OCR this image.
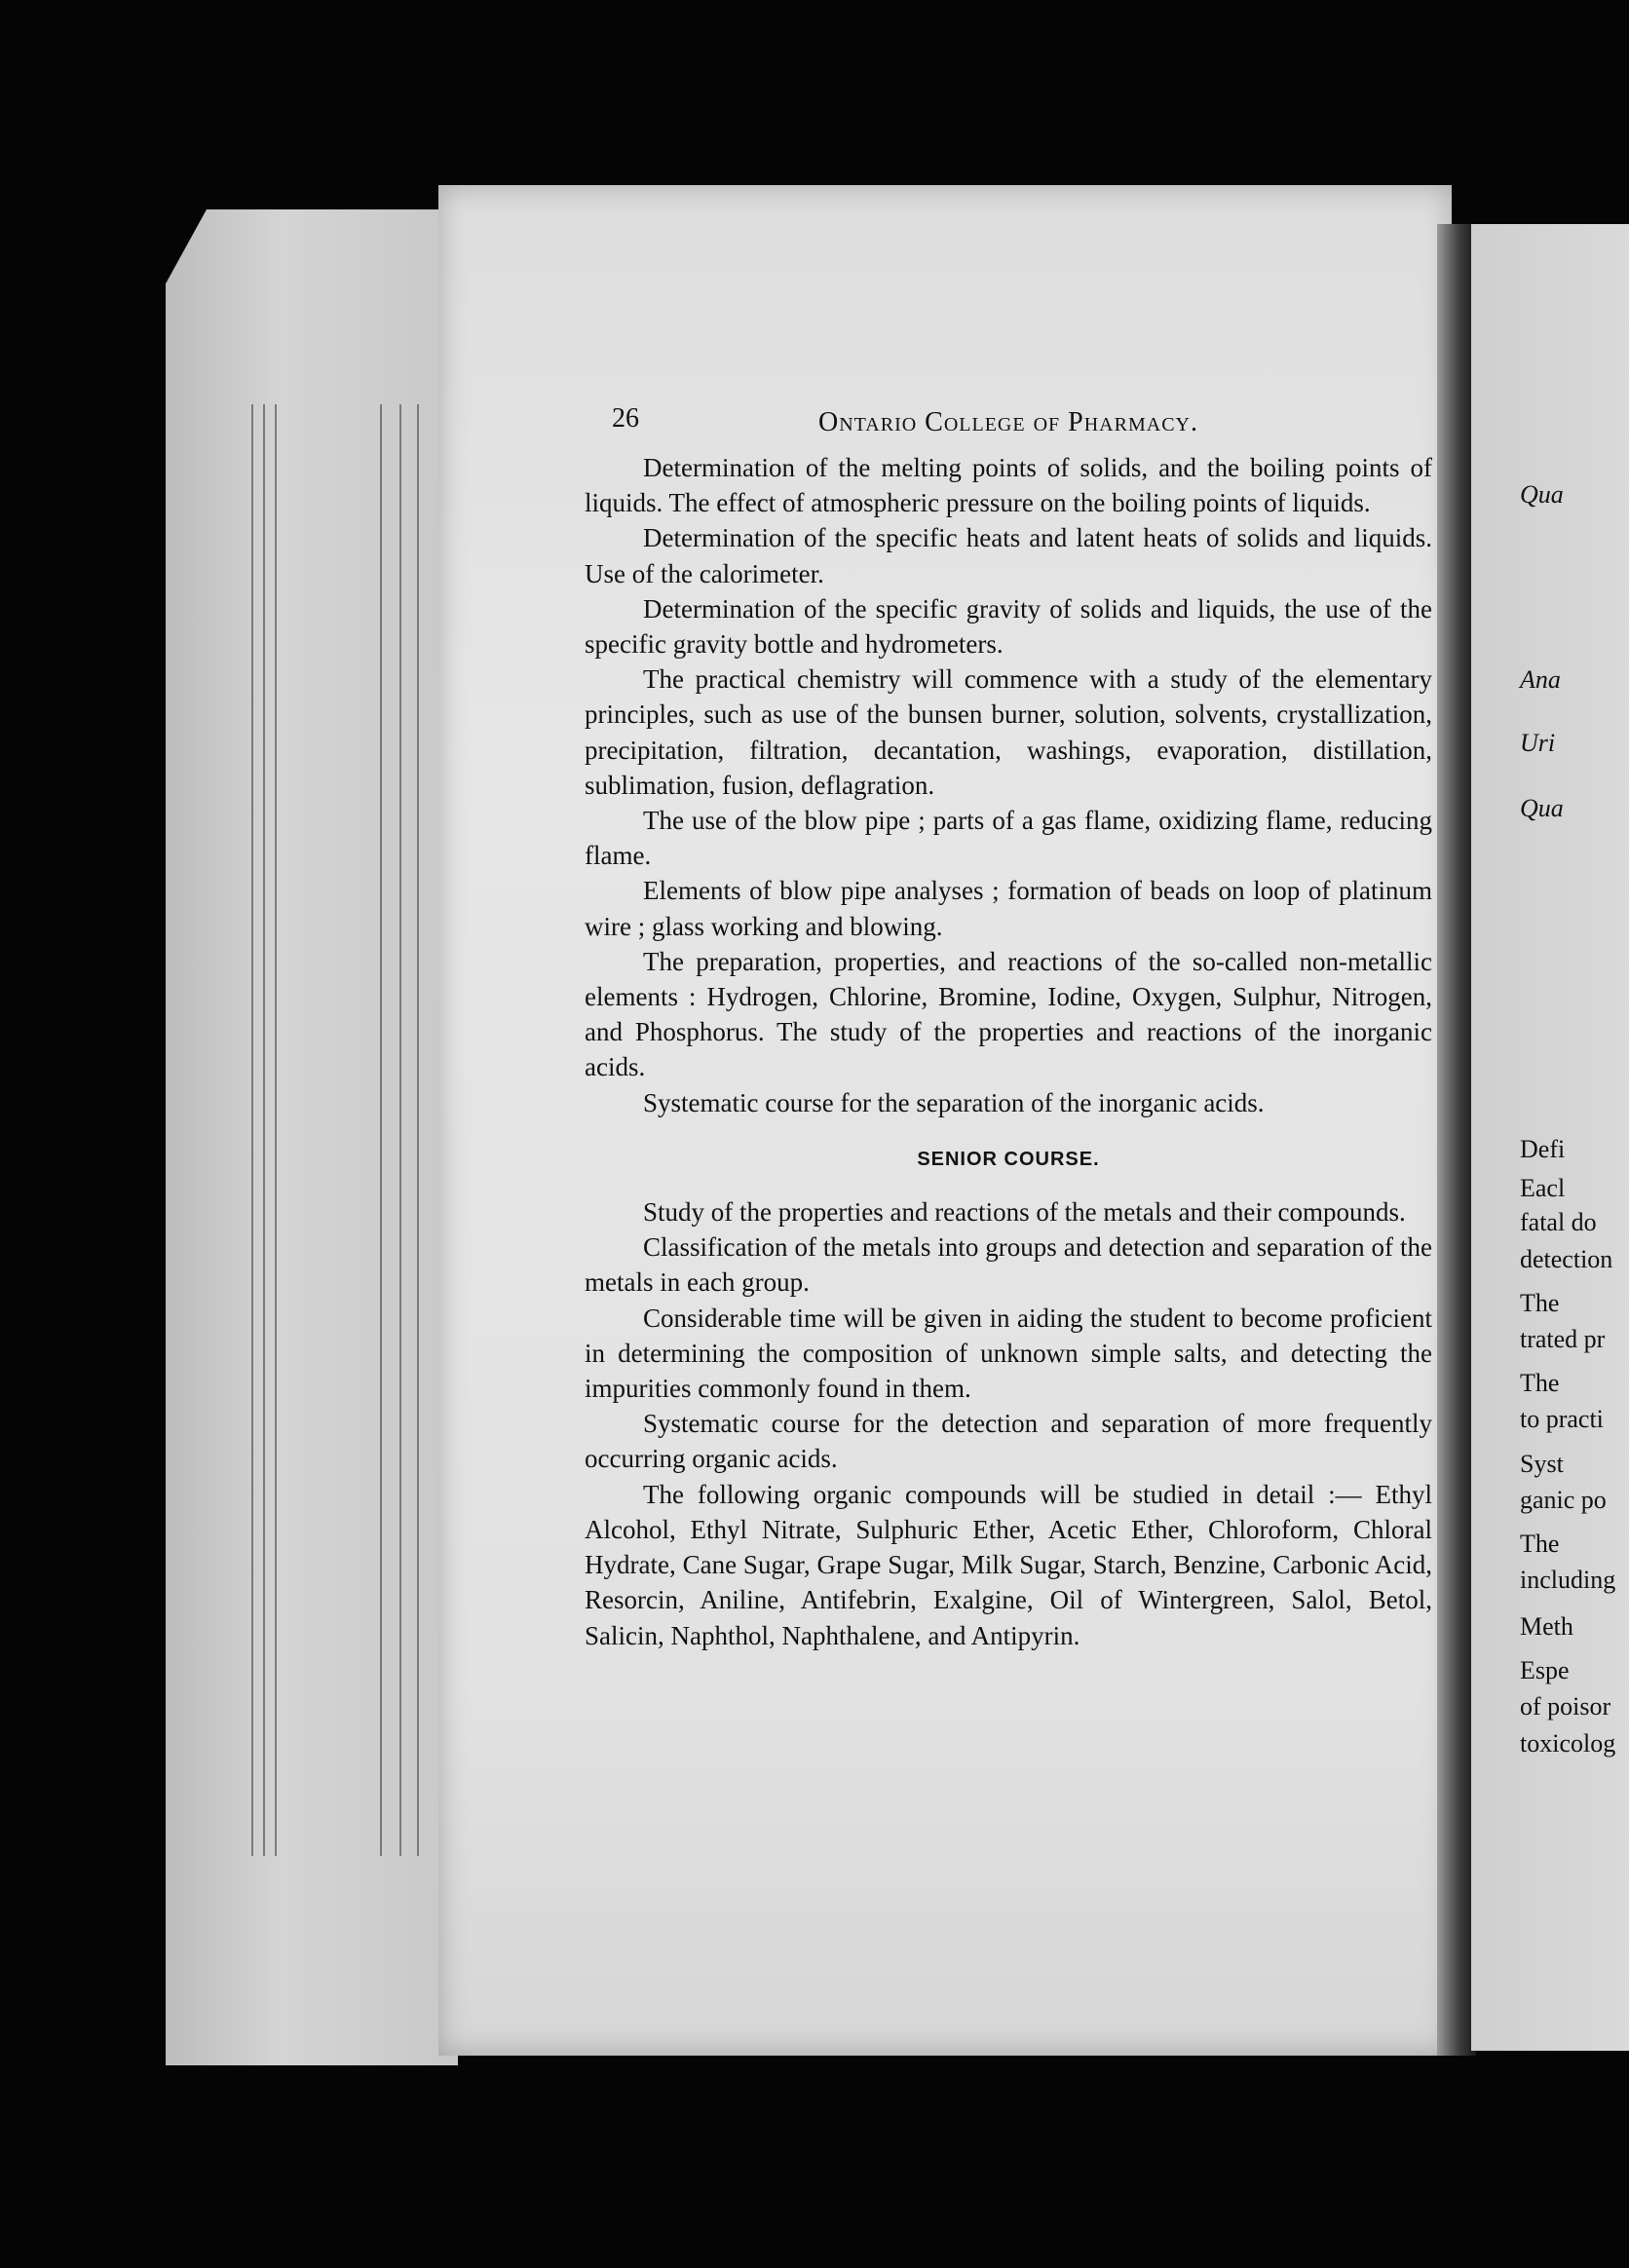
Qua
Ana
Uri
Qua
Defi
Eacl
fatal do
detection
The
trated pr
The
to practi
Syst
ganic po
The
including
Meth
Espe
of poisor
toxicolog
26	Ontario College of Pharmacy.

Determination of the melting points of solids, and the boiling points of liquids. The effect of atmospheric pressure on the boiling points of liquids.

Determination of the specific heats and latent heats of solids and liquids. Use of the calorimeter.

Determination of the specific gravity of solids and liquids, the use of the specific gravity bottle and hydrometers.

The practical chemistry will commence with a study of the elementary principles, such as use of the bunsen burner, solution, solvents, crystallization, precipitation, filtration, decantation, washings, evaporation, distillation, sublimation, fusion, deflagration.

The use of the blow pipe ; parts of a gas flame, oxidizing flame, reducing flame.

Elements of blow pipe analyses ; formation of beads on loop of platinum wire ; glass working and blowing.

The preparation, properties, and reactions of the so-called non-metallic elements : Hydrogen, Chlorine, Bromine, Iodine, Oxygen, Sulphur, Nitrogen, and Phosphorus. The study of the properties and reactions of the inorganic acids.

Systematic course for the separation of the inorganic acids.

SENIOR COURSE.

Study of the properties and reactions of the metals and their compounds.

Classification of the metals into groups and detection and separation of the metals in each group.

Considerable time will be given in aiding the student to become proficient in determining the composition of unknown simple salts, and detecting the impurities commonly found in them.

Systematic course for the detection and separation of more frequently occurring organic acids.

The following organic compounds will be studied in detail :— Ethyl Alcohol, Ethyl Nitrate, Sulphuric Ether, Acetic Ether, Chloroform, Chloral Hydrate, Cane Sugar, Grape Sugar, Milk Sugar, Starch, Benzine, Carbonic Acid, Resorcin, Aniline, Antifebrin, Exalgine, Oil of Wintergreen, Salol, Betol, Salicin, Naphthol, Naphthalene, and Antipyrin.
